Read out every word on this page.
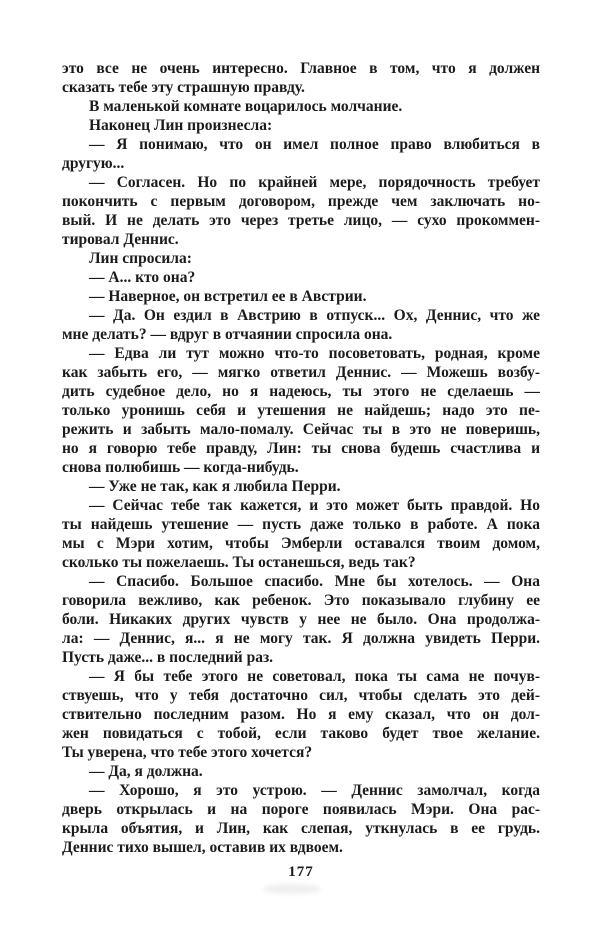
это все не очень интересно. Главное в том, что я должен
сказать тебе эту страшную правду.
В маленькой комнате воцарилось молчание.
Наконец Лин произнесла:
— Я понимаю, что он имел полное право влюбиться в
другую...
— Согласен. Но по крайней мере, порядочность требует
покончить с первым договором, прежде чем заключать но-
вый. И не делать это через третье лицо, — сухо прокоммен-
тировал Деннис.
Лин спросила:
— А... кто она?
— Наверное, он встретил ее в Австрии.
— Да. Он ездил в Австрию в отпуск... Ох, Деннис, что же
мне делать? — вдруг в отчаянии спросила она.
— Едва ли тут можно что-то посоветовать, родная, кроме
как забыть его, — мягко ответил Деннис. — Можешь возбу-
дить судебное дело, но я надеюсь, ты этого не сделаешь —
только уронишь себя и утешения не найдешь; надо это пе-
режить и забыть мало-помалу. Сейчас ты в это не поверишь,
но я говорю тебе правду, Лин: ты снова будешь счастлива и
снова полюбишь — когда-нибудь.
— Уже не так, как я любила Перри.
— Сейчас тебе так кажется, и это может быть правдой. Но
ты найдешь утешение — пусть даже только в работе. А пока
мы с Мэри хотим, чтобы Эмберли оставался твоим домом,
сколько ты пожелаешь. Ты останешься, ведь так?
— Спасибо. Большое спасибо. Мне бы хотелось. — Она
говорила вежливо, как ребенок. Это показывало глубину ее
боли. Никаких других чувств у нее не было. Она продолжа-
ла: — Деннис, я... я не могу так. Я должна увидеть Перри.
Пусть даже... в последний раз.
— Я бы тебе этого не советовал, пока ты сама не почув-
ствуешь, что у тебя достаточно сил, чтобы сделать это дей-
ствительно последним разом. Но я ему сказал, что он дол-
жен повидаться с тобой, если таково будет твое желание.
Ты уверена, что тебе этого хочется?
— Да, я должна.
— Хорошо, я это устрою. — Деннис замолчал, когда
дверь открылась и на пороге появилась Мэри. Она рас-
крыла объятия, и Лин, как слепая, уткнулась в ее грудь.
Деннис тихо вышел, оставив их вдвоем.
177
